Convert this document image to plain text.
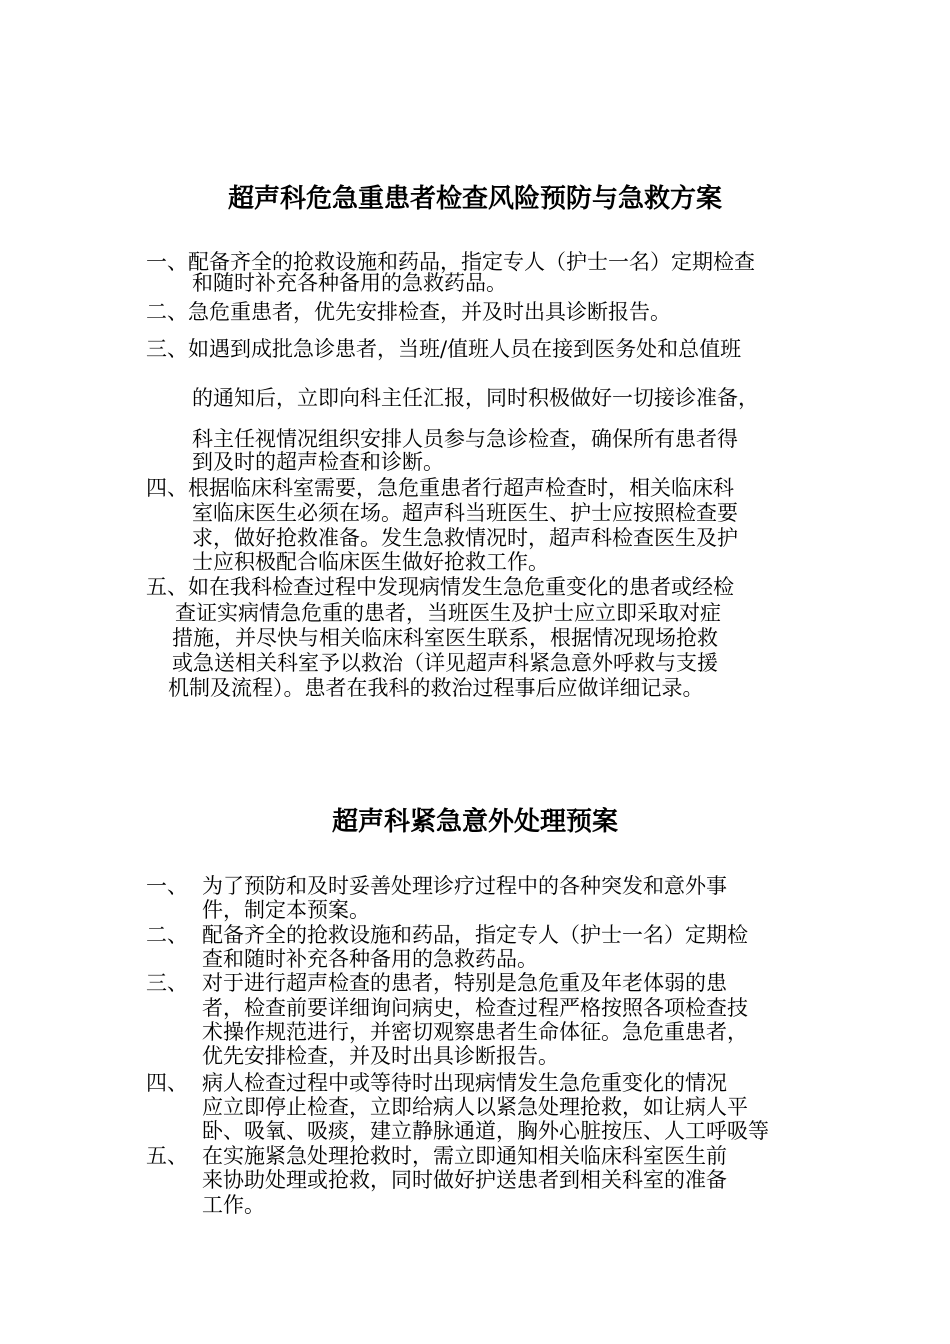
超声科危急重患者检查风险预防与急救方案
一、配备齐全的抢救设施和药品，指定专人（护士一名）定期检查
和随时补充各种备用的急救药品。
二、急危重患者，优先安排检查，并及时出具诊断报告。
三、如遇到成批急诊患者，当班/值班人员在接到医务处和总值班
的通知后，立即向科主任汇报，同时积极做好一切接诊准备，
科主任视情况组织安排人员参与急诊检查，确保所有患者得
到及时的超声检查和诊断。
四、根据临床科室需要，急危重患者行超声检查时，相关临床科
室临床医生必须在场。超声科当班医生、护士应按照检查要
求，做好抢救准备。发生急救情况时，超声科检查医生及护
士应积极配合临床医生做好抢救工作。
五、如在我科检查过程中发现病情发生急危重变化的患者或经检
查证实病情急危重的患者，当班医生及护士应立即采取对症
措施，并尽快与相关临床科室医生联系，根据情况现场抢救
或急送相关科室予以救治（详见超声科紧急意外呼救与支援
机制及流程）。患者在我科的救治过程事后应做详细记录。
超声科紧急意外处理预案
一、 为了预防和及时妥善处理诊疗过程中的各种突发和意外事
件，制定本预案。
二、 配备齐全的抢救设施和药品，指定专人（护士一名）定期检
查和随时补充各种备用的急救药品。
三、 对于进行超声检查的患者，特别是急危重及年老体弱的患
者，检查前要详细询问病史，检查过程严格按照各项检查技
术操作规范进行，并密切观察患者生命体征。急危重患者，
优先安排检查，并及时出具诊断报告。
四、 病人检查过程中或等待时出现病情发生急危重变化的情况
应立即停止检查，立即给病人以紧急处理抢救，如让病人平
卧、吸氧、吸痰，建立静脉通道，胸外心脏按压、人工呼吸等
五、 在实施紧急处理抢救时，需立即通知相关临床科室医生前
来协助处理或抢救，同时做好护送患者到相关科室的准备
工作。
